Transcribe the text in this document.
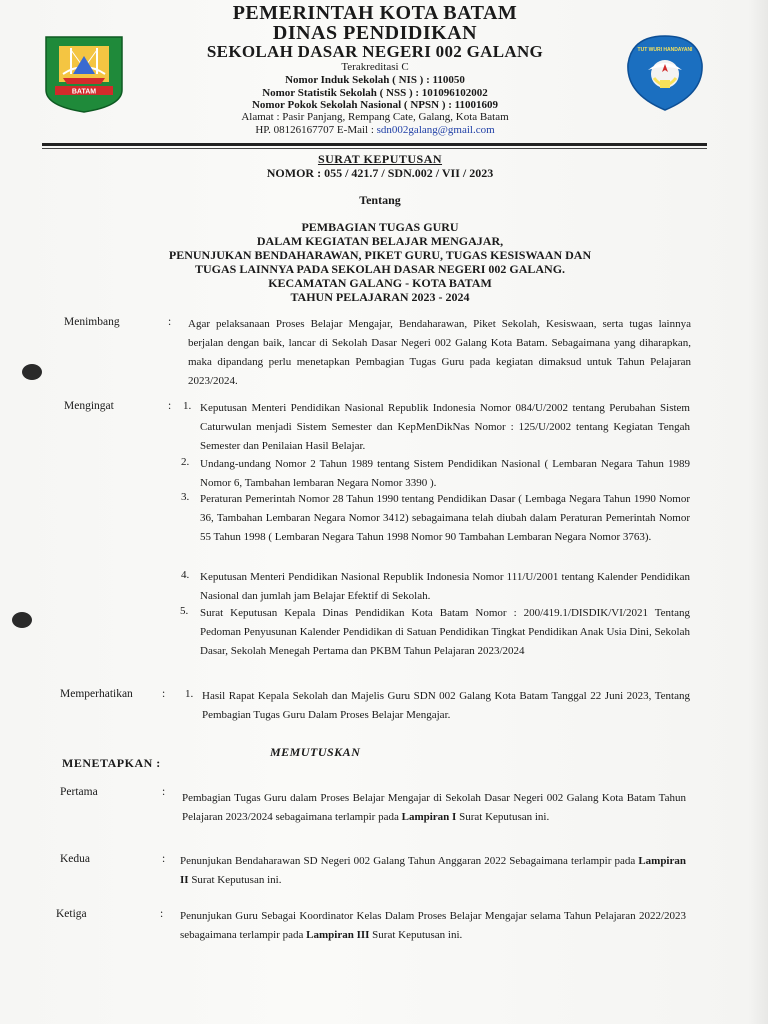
BATAM
TUT WURI HANDAYANI
PEMERINTAH KOTA BATAM
DINAS PENDIDIKAN
SEKOLAH DASAR NEGERI 002 GALANG
Terakreditasi C
Nomor Induk Sekolah ( NIS ) : 110050
Nomor Statistik Sekolah ( NSS ) : 101096102002
Nomor Pokok Sekolah Nasional ( NPSN ) : 11001609
Alamat : Pasir Panjang, Rempang Cate, Galang, Kota Batam
HP. 08126167707 E-Mail : sdn002galang@gmail.com
SURAT KEPUTUSAN
NOMOR : 055 / 421.7 / SDN.002 / VII / 2023
Tentang
PEMBAGIAN TUGAS GURU
DALAM KEGIATAN BELAJAR MENGAJAR,
PENUNJUKAN BENDAHARAWAN, PIKET GURU, TUGAS KESISWAAN DAN
TUGAS LAINNYA PADA SEKOLAH DASAR NEGERI 002 GALANG.
KECAMATAN GALANG - KOTA BATAM
TAHUN PELAJARAN 2023 - 2024
Menimbang	: Agar pelaksanaan Proses Belajar Mengajar, Bendaharawan, Piket Sekolah, Kesiswaan, serta tugas lainnya berjalan dengan baik, lancar di Sekolah Dasar Negeri 002 Galang Kota Batam. Sebagaimana yang diharapkan, maka dipandang perlu menetapkan Pembagian Tugas Guru pada kegiatan dimaksud untuk Tahun Pelajaran 2023/2024.
Mengingat	: 1. Keputusan Menteri Pendidikan Nasional Republik Indonesia Nomor 084/U/2002 tentang Perubahan Sistem Caturwulan menjadi Sistem Semester dan KepMenDikNas Nomor : 125/U/2002 tentang Kegiatan Tengah Semester dan Penilaian Hasil Belajar.
2. Undang-undang Nomor 2 Tahun 1989 tentang Sistem Pendidikan Nasional ( Lembaran Negara Tahun 1989 Nomor 6, Tambahan lembaran Negara Nomor 3390 ).
3. Peraturan Pemerintah Nomor 28 Tahun 1990 tentang Pendidikan Dasar ( Lembaga Negara Tahun 1990 Nomor 36, Tambahan Lembaran Negara Nomor 3412) sebagaimana telah diubah dalam Peraturan Pemerintah Nomor 55 Tahun 1998 ( Lembaran Negara Tahun 1998 Nomor 90 Tambahan Lembaran Negara Nomor 3763).
4. Keputusan Menteri Pendidikan Nasional Republik Indonesia Nomor 111/U/2001 tentang Kalender Pendidikan Nasional dan jumlah jam Belajar Efektif di Sekolah.
5. Surat Keputusan Kepala Dinas Pendidikan Kota Batam Nomor : 200/419.1/DISDIK/VI/2021 Tentang Pedoman Penyusunan Kalender Pendidikan di Satuan Pendidikan Tingkat Pendidikan Anak Usia Dini, Sekolah Dasar, Sekolah Menegah Pertama dan PKBM Tahun Pelajaran 2023/2024
Memperhatikan	: 1. Hasil Rapat Kepala Sekolah dan Majelis Guru SDN 002 Galang Kota Batam Tanggal 22 Juni 2023, Tentang Pembagian Tugas Guru Dalam Proses Belajar Mengajar.
MEMUTUSKAN
MENETAPKAN :
Pertama	: Pembagian Tugas Guru dalam Proses Belajar Mengajar di Sekolah Dasar Negeri 002 Galang Kota Batam Tahun Pelajaran 2023/2024 sebagaimana terlampir pada Lampiran I Surat Keputusan ini.
Kedua	: Penunjukan Bendaharawan SD Negeri 002 Galang Tahun Anggaran 2022 Sebagaimana terlampir pada Lampiran II Surat Keputusan ini.
Ketiga	: Penunjukan Guru Sebagai Koordinator Kelas Dalam Proses Belajar Mengajar selama Tahun Pelajaran 2022/2023 sebagaimana terlampir pada Lampiran III Surat Keputusan ini.
